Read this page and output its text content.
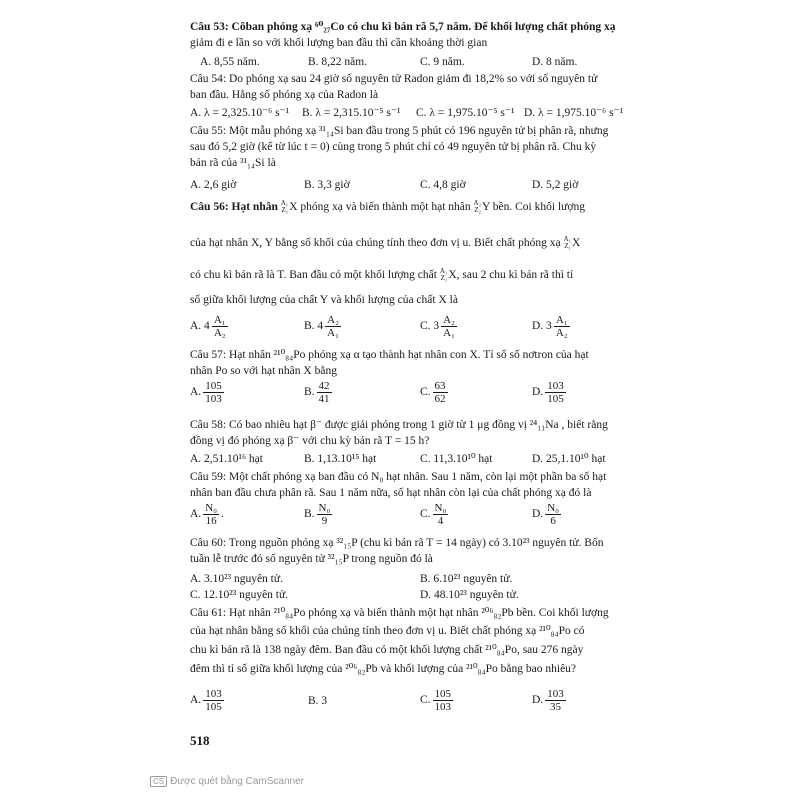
Câu 53: Côban phóng xạ ⁶⁰₂₇Co có chu kì bán rã 5,7 năm. Để khối lượng chất phóng xạ
giảm đi e lần so với khối lượng ban đầu thì cần khoảng thời gian
A. 8,55 năm.	B. 8,22 năm.	C. 9 năm.	D. 8 năm.
Câu 54: Do phóng xạ sau 24 giờ số nguyên tử Radon giảm đi 18,2% so với số nguyên tử
ban đầu. Hằng số phóng xạ của Radon là
A. λ = 2,325.10⁻⁶ s⁻¹ B. λ = 2,315.10⁻⁵ s⁻¹ C. λ = 1,975.10⁻⁵ s⁻¹ D. λ = 1,975.10⁻⁶ s⁻¹
Câu 55: Một mẫu phóng xạ ³¹₁₄Si ban đầu trong 5 phút có 196 nguyên tử bị phân rã, nhưng
sau đó 5,2 giờ (kể từ lúc t = 0) cùng trong 5 phút chỉ có 49 nguyên tử bị phân rã. Chu kỳ
bán rã của ³¹₁₄Si là
A. 2,6 giờ	B. 3,3 giờ	C. 4,8 giờ	D. 5,2 giờ
Câu 56: Hạt nhân A₁
Z₁ X phóng xạ và biến thành một hạt nhân A₂
Z₂ Y bền. Coi khối lượng
của hạt nhân X, Y bằng số khối của chúng tính theo đơn vị u. Biết chất phóng xạ A₁
Z₁ X
có chu kì bán rã là T. Ban đầu có một khối lượng chất A₁
Z₁ X, sau 2 chu kì bán rã thì tỉ
số giữa khối lượng của chất Y và khối lượng của chất X là
A. $4 \frac{\text{A₁}}{\text{A₂}}$	B. $4 \frac{\text{A₂}}{\text{A₁}}$	C. $3 \frac{\text{A₂}}{\text{A₁}}$	D. $3 \frac{\text{A₁}}{\text{A₂}}$
Câu 57: Hạt nhân ²¹⁰₈₄Po phóng xạ α tạo thành hạt nhân con X. Tỉ số số nơtron của hạt
nhân Po so với hạt nhân X bằng
A. $\frac{105}{103}$	B. $\frac{42}{41}$	C. $\frac{63}{62}$	D. $\frac{103}{105}$
Câu 58: Có bao nhiêu hạt β⁻ được giải phóng trong 1 giờ từ 1 μg đồng vị ²⁴₁₁Na , biết rằng
đồng vị đó phóng xạ β⁻ với chu kỳ bán rã T = 15 h?
A. 2,51.10¹⁶ hạt	B. 1,13.10¹⁵ hạt	C. 11,3.10¹⁰ hạt	D. 25,1.10¹⁰ hạt
Câu 59: Một chất phóng xạ ban đầu có N₀ hạt nhân. Sau 1 năm, còn lại một phần ba số hạt
nhân ban đầu chưa phân rã. Sau 1 năm nữa, số hạt nhân còn lại của chất phóng xạ đó là
A. $\frac{\text{N₀}}{16}$ .	B. $\frac{\text{N₀}}{9}$	C. $\frac{\text{N₀}}{4}$	D. $\frac{\text{N₀}}{6}$
Câu 60: Trong nguồn phóng xạ ³²₁₅P (chu kì bán rã T = 14 ngày) có 3.10²³ nguyên tử. Bốn
tuần lễ trước đó số nguyên tử ³²₁₅P trong nguồn đó là
A. 3.10²³ nguyên tử.	B. 6.10²³ nguyên tử.
C. 12.10²³ nguyên tử.	D. 48.10²³ nguyên tử.
Câu 61: Hạt nhân ²¹⁰₈₄Po phóng xạ và biến thành một hạt nhân ²⁰⁶₈₂Pb bền. Coi khối lượng
của hạt nhân bằng số khối của chúng tính theo đơn vị u. Biết chất phóng xạ ²¹⁰₈₄Po có
chu kì bán rã là 138 ngày đêm. Ban đầu có một khối lượng chất ²¹⁰₈₄Po, sau 276 ngày
đêm thì tỉ số giữa khối lượng của ²⁰⁶₈₂Pb và khối lượng của ²¹⁰₈₄Po bằng bao nhiêu?
A. $\frac{103}{105}$	B. 3	C. $\frac{105}{103}$	D. $\frac{103}{35}$
518
CS Được quét bằng CamScanner
